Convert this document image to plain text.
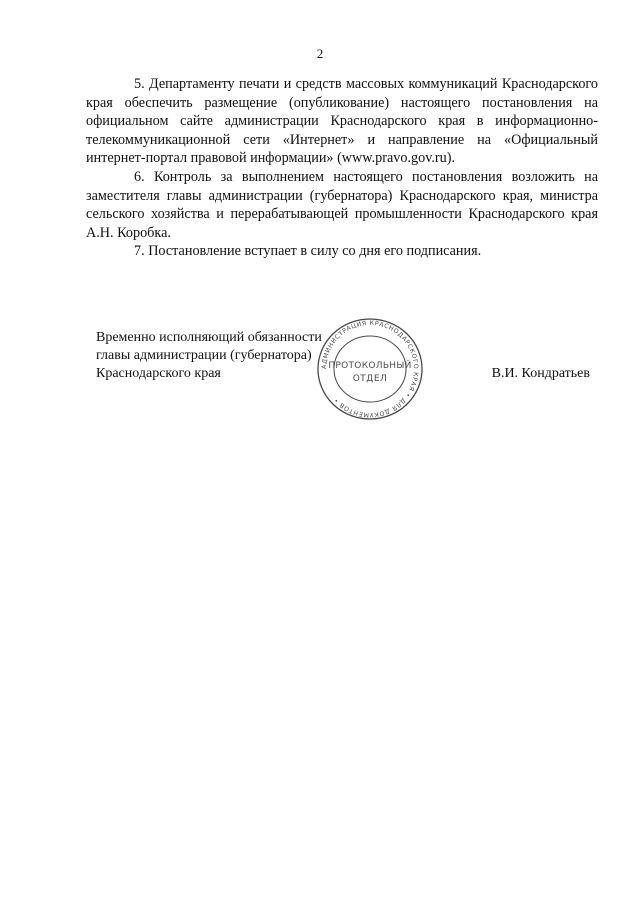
2

5. Департаменту печати и средств массовых коммуникаций Краснодарского края обеспечить размещение (опубликование) настоящего постановления на официальном сайте администрации Краснодарского края в информационно-телекоммуникационной сети «Интернет» и направление на «Официальный интернет-портал правовой информации» (www.pravo.gov.ru).

6. Контроль за выполнением настоящего постановления возложить на заместителя главы администрации (губернатора) Краснодарского края, министра сельского хозяйства и перерабатывающей промышленности Краснодарского края А.Н. Коробка.

7. Постановление вступает в силу со дня его подписания.

Временно исполняющий обязанности
главы администрации (губернатора)
Краснодарского края	В.И. Кондратьев
АДМИНИСТРАЦИЯ КРАСНОДАРСКОГО КРАЯ • ДЛЯ ДОКУМЕНТОВ •
ПРОТОКОЛЬНЫЙ
ОТДЕЛ
